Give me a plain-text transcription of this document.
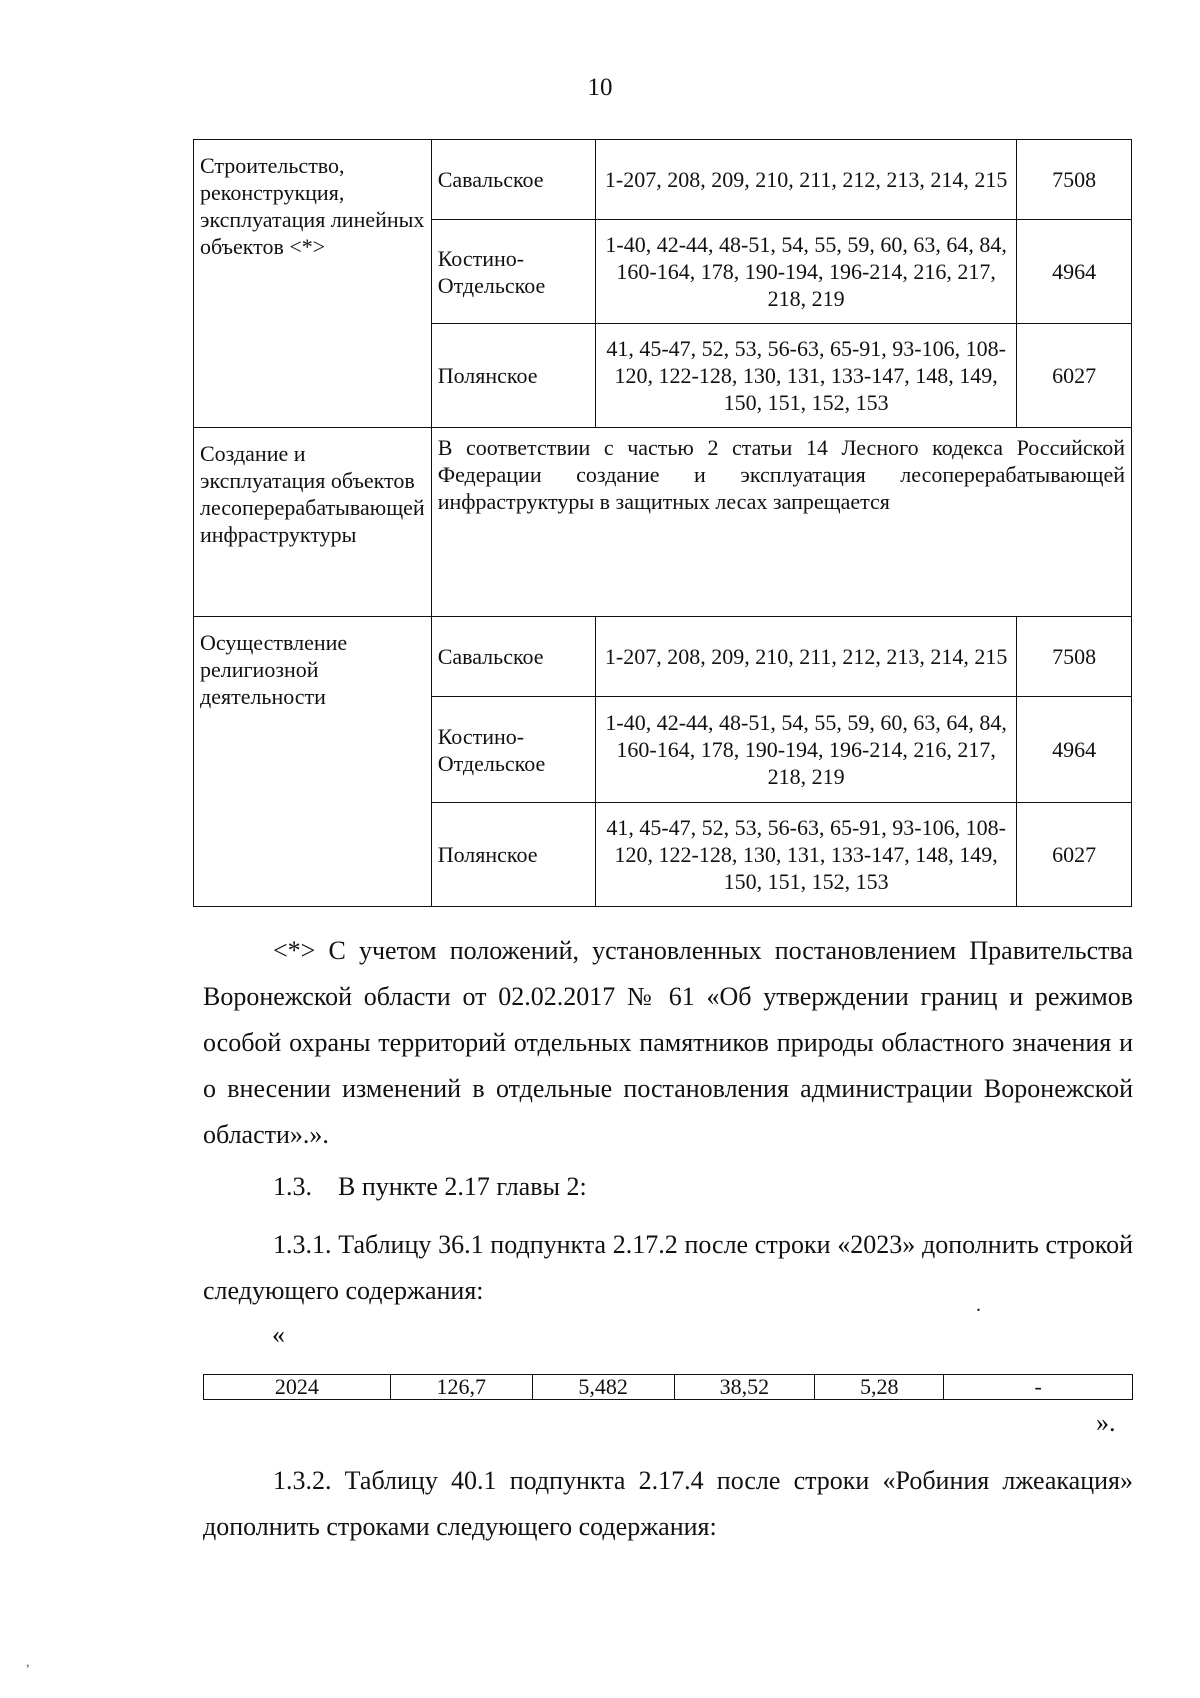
10
Строительство, реконструкция, эксплуатация линейных объектов <*>	Савальское	1-207, 208, 209, 210, 211, 212, 213, 214, 215	7508
	Костино-Отдельское	1-40, 42-44, 48-51, 54, 55, 59, 60, 63, 64, 84, 160-164, 178, 190-194, 196-214, 216, 217, 218, 219	4964
	Полянское	41, 45-47, 52, 53, 56-63, 65-91, 93-106, 108-120, 122-128, 130, 131, 133-147, 148, 149, 150, 151, 152, 153	6027
Создание и эксплуатация объектов лесоперерабатывающей инфраструктуры	В соответствии с частью 2 статьи 14 Лесного кодекса Российской Федерации создание и эксплуатация лесоперерабатывающей инфраструктуры в защитных лесах запрещается		
Осуществление религиозной деятельности	Савальское	1-207, 208, 209, 210, 211, 212, 213, 214, 215	7508
	Костино-Отдельское	1-40, 42-44, 48-51, 54, 55, 59, 60, 63, 64, 84, 160-164, 178, 190-194, 196-214, 216, 217, 218, 219	4964
	Полянское	41, 45-47, 52, 53, 56-63, 65-91, 93-106, 108-120, 122-128, 130, 131, 133-147, 148, 149, 150, 151, 152, 153	6027
<*> С учетом положений, установленных постановлением Правительства Воронежской области от 02.02.2017 № 61 «Об утверждении границ и режимов особой охраны территорий отдельных памятников природы областного значения и о внесении изменений в отдельные постановления администрации Воронежской области».».
1.3. В пункте 2.17 главы 2:
1.3.1. Таблицу 36.1 подпункта 2.17.2 после строки «2023» дополнить строкой следующего содержания:	.
«
2024	126,7	5,482	38,52	5,28	-
».
1.3.2. Таблицу 40.1 подпункта 2.17.4 после строки «Робиния лжеакация» дополнить строками следующего содержания:
,
